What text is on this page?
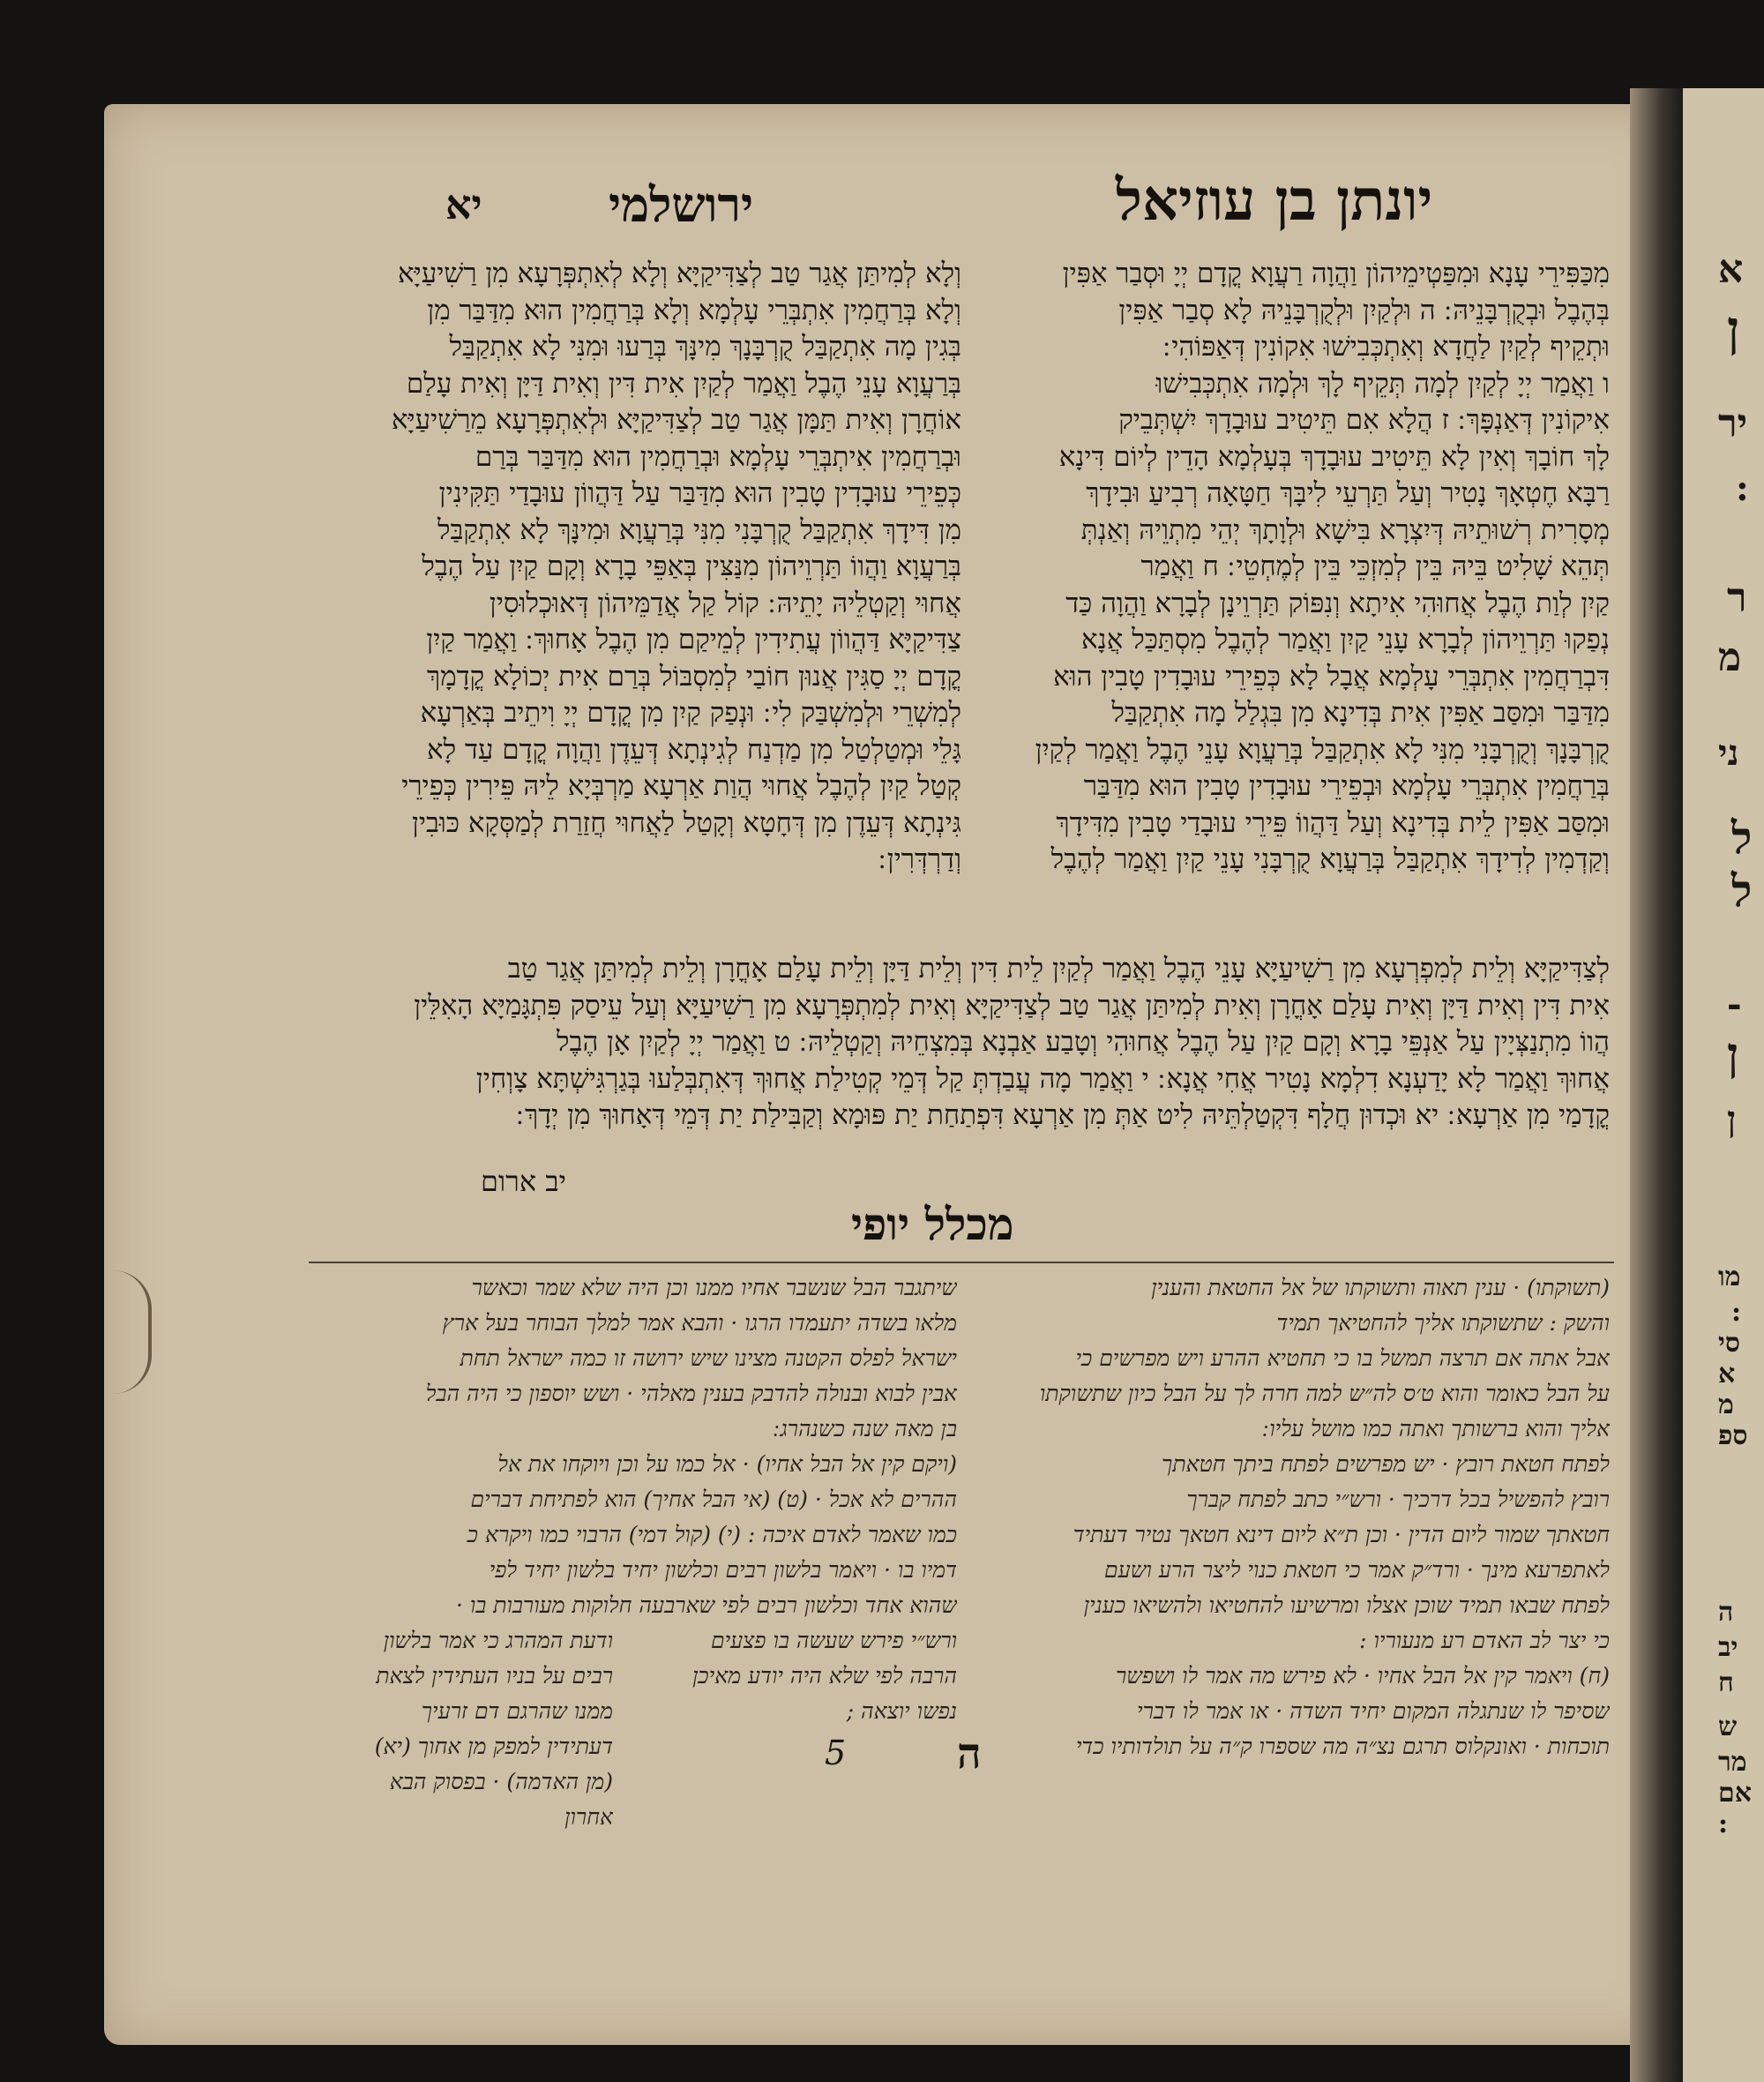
א
ן
יר
:
ר
מ
ני
ל
ל
ן
ן
-
מו
:
סי
א
מ
ספ
ה
יב
ח
ש
מר
אם
:
יא	ירושלמי	יונתן בן עוזיאל
מִכַּפִּירֵי עָנָא וּמִפַּטְימֵיהוֹן וַהֲוָה רַעֲוָא קֳדָם יְיָ וּסְבַר אַפִּין
בְּהֶבֶל וּבְקֻרְבָּנֵיהּ ׃ ה וּלְקַיִן וּלְקֻרְבָּנֵיהּ לָא סְבַר אַפִּין
וּתְקֵיף לְקַיִן לַחֲדָא וְאִתְכְּבִישׁוּ אִקוֹנִין דְּאַפּוֹהִי ׃
ו וַאֲמַר יְיָ לְקַיִן לְמָה תְּקֵיף לָךְ וּלְמָה אִתְכְּבִישׁוּ
אִיקוֹנִין דְּאַנְפָּךְ ׃ ז הֲלָא אִם תֵּיטִיב עוּבָדָךְ יִשְׁתְּבֵיק
לָךְ חוֹבָךְ וְאִין לָא תֵּיטִיב עוּבָדָךְ בְּעָלְמָא הָדֵין לְיוֹם דִּינָא
רַבָּא חֶטְאָךְ נָטִיר וְעַל תַּרְעֵי לִיבָּךְ חַטָּאָה רְבִיעַ וּבִידָךְ
מְסָרִית רְשׁוּתֵיהּ דְּיִצְרָא בִּישָׁא וּלְוָתָךְ יְהֵי מִתְוֵיהּ וְאַנְתְּ
תְּהֵא שָׁלִיט בֵּיהּ בֵּין לְמִזְכֵּי בֵּין לְמֶחְטֵי ׃ ח וַאֲמַר
קַיִן לְוַת הֶבֶל אֲחוּהִי אִיתָא וְנִפּוֹק תַּרְוֵינָן לְבָרָא וַהֲוָה כַּד
נְפַקוּ תַּרְוֵיהוֹן לְבָרָא עָנֵי קַיִן וַאֲמַר לְהֶבֶל מִסְתַּכַּל אֲנָא
דִּבְרַחֲמִין אִתְבְּרֵי עָלְמָא אֲבָל לָא כְּפֵירֵי עוּבָדִין טָבִין הוּא
מִדַּבַּר וּמִסַּב אַפִּין אִית בְּדִינָא מִן בִּגְלַל מָה אִתְקַבַּל
קֻרְבָּנָךְ וְקֻרְבָּנִי מִנִּי לָא אִתְקַבַּל בְּרַעֲוָא עָנֵי הֶבֶל וַאֲמַר לְקַיִן
בְּרַחֲמִין אִתְבְּרֵי עָלְמָא וּבְפֵירֵי עוּבָדִין טָבִין הוּא מִדַּבַּר
וּמִסַּב אַפִּין לֵית בְּדִינָא וְעַל דַּהֲווֹ פֵּירֵי עוּבָדַי טָבִין מִדִּידָךְ
וְקַדְמִין לְדִידָךְ אִתְקַבַּל בְּרַעֲוָא קֻרְבָּנִי עָנֵי קַיִן וַאֲמַר לְהֶבֶל
וְלָא לְמִיתַּן אֲגַר טַב לְצַדִּיקַיָּא וְלָא לְאִתְפְּרָעָא מִן רַשִׁיעַיָּא
וְלָא בְּרַחֲמִין אִתְבְּרֵי עָלְמָא וְלָא בְּרַחֲמִין הוּא מִדַּבַּר מִן
בְּגִין מָה אִתְקַבַּל קֻרְבָּנָךְ מִינָּךְ בְּרַעוּ וּמִנִּי לָא אִתְקַבַּל
בְּרַעֲוָא עָנֵי הֶבֶל וַאֲמַר לְקַיִן אִית דִּין וְאִית דַּיָּן וְאִית עָלַם
אוֹחֲרָן וְאִית תַּמָּן אֲגַר טַב לְצַדִּיקַיָּא וּלְאִתְפְּרָעָא מֵרַשִׁיעַיָּא
וּבְרַחֲמִין אִיתְבְּרֵי עָלְמָא וּבְרַחֲמִין הוּא מִדַּבַּר בְּרַם
כְּפֵירֵי עוּבָדִין טָבִין הוּא מִדַּבַּר עַל דַּהֲווֹן עוּבָדַי תַּקִּינִין
מִן דִּידָךְ אִתְקַבַּל קֻרְבָּנִי מִנִּי בְּרַעֲוָא וּמִינָּךְ לָא אִתְקַבַּל
בְּרַעֲוָא וַהֲווֹ תַּרְוֵיהוֹן מִנַּצִּין בְּאַפֵּי בָרָא וְקָם קַיִן עַל הֶבֶל
אֲחוּי וְקַטְלֵיהּ יָתֵיהּ ׃ קוֹל קַל אֲדַמֵּיהוֹן דְּאוּכְלוּסִין
צַדִּיקַיָּא דַּהֲווֹן עֲתִידִין לְמֵיקַם מִן הֶבֶל אָחוּךְ ׃ וַאֲמַר קַיִן
קֳדָם יְיָ סַגִּין אֲנוּן חוֹבַי לְמִסְבּוֹל בְּרַם אִית יְכוֹלָא קֳדָמָךְ
לְמִשְׁרֵי וּלְמִשְׁבַּק לִי ׃ וּנְפַק קַיִן מִן קֳדָם יְיָ וִיתֵיב בְּאַרְעָא
גָּלֵי וּמְטַלְטַל מִן מַדְנַח לְגִינְתָא דְּעֵדֶן וַהֲוָה קֳדָם עַד לָא
קְטַל קַיִן לְהֶבֶל אֲחוּי הֲוַת אַרְעָא מַרְבְּיָא לֵיהּ פֵּירִין כְּפֵירֵי
גִּינְתָא דְּעֵדֶן מִן דְּחָטָא וְקָטַל לַאֲחוּי חֲזַרַת לְמַסְּקָא כּוּבִין
וְדַרְדְּרִין ׃
לְצַדִּיקַיָּא וְלֵית לְמִפְרְעָא מִן רַשִׁיעַיָּא עָנֵי הֶבֶל וַאֲמַר לְקַיִן לֵית דִּין וְלֵית דַּיָּן וְלֵית עָלַם אָחֳרָן וְלֵית לְמִיתַּן אֲגַר טַב
אִית דִּין וְאִית דַּיָּן וְאִית עָלַם אָחֳרָן וְאִית לְמִיתַּן אֲגַר טַב לְצַדִּיקַיָּא וְאִית לְמִתְפְּרָעָא מִן רַשִׁיעַיָּא וְעַל עֵיסַק פִּתְגָּמַיָּא הָאִלֵּין
הֲווֹ מִתְנַצְּיָין עַל אַנְפֵּי בָרָא וְקָם קַיִן עַל הֶבֶל אֲחוּהִי וְטָבַע אַבְנָא בְּמִצְחֵיהּ וְקַטְלֵיהּ ׃ ט וַאֲמַר יְיָ לְקַיִן אָן הֶבֶל
אֲחוּךְ וַאֲמַר לָא יָדַעְנָא דִלְמָא נָטִיר אֲחִי אֲנָא ׃ י וַאֲמַר מָה עֲבַדְתְּ קַל דְּמֵי קְטִילַת אֲחוּךְ דְּאִתְבְּלַעוּ בְּגַרְגִּישְׁתָּא צָוְחִין
קֳדָמַי מִן אַרְעָא ׃ יא וּכְדוּן חֲלָף דִּקְטַלְתֵּיהּ לִיט אַתְּ מִן אַרְעָא דִּפְתַחַת יַת פּוּמָא וְקַבִּילַת יַת דְּמֵי דְּאָחוּךְ מִן יְדָךְ ׃
יב ארום
מכלל יופי
(תשוקתו) · ענין תאוה ותשוקתו של אל החטאת והענין
והשק : שתשוקתו אליך להחטיאך תמיד
אבל אתה אם תרצה תמשל בו כי תחטיא ההרע ויש מפרשים כי
על הבל כאומר והוא ט׳ס לה״ש למה חרה לך על הבל כיון שתשוקתו
אליך והוא ברשותך ואתה כמו מושל עליו ׃
לפתח חטאת רובץ · יש מפרשים לפתח ביתך חטאתך
רובץ להפשיל בכל דרכיך · ורש״י כתב לפתח קברך
חטאתך שמור ליום הדין · וכן ת״א ליום דינא חטאך נטיר דעתיד
לאתפרעא מינך · ורד״ק אמר כי חטאת כנוי ליצר הרע ושעם
לפתח שבאו תמיד שוכן אצלו ומרשיעו להחטיאו ולהשיאו כענין
כי יצר לב האדם רע מנעוריו :
(ח) ויאמר קין אל הבל אחיו · לא פירש מה אמר לו ושפשר
שסיפר לו שנתגלה המקום יחיד השדה · או אמר לו דברי
תוכחות · ואונקלוס תרגם נצ״ה מה שספרו ק״ה על תולדותיו כדי
שיתגבר הבל שנשבר אחיו ממנו וכן היה שלא שמר וכאשר
מלאו בשדה יתעמדו הרגו · והבא אמר למלך הבוחר בעל ארץ
ישראל לפלס הקטנה מצינו שיש ירושה זו כמה ישראל תחת
אבין לבוא ובנולה להדבק בענין מאלהי · ושש יוספון כי היה הבל
בן מאה שנה כשנהרג ׃
(ויקם קין אל הבל אחיו) · אל כמו על וכן ויוקחו את אל
ההרים לא אכל · (ט) (אי הבל אחיך) הוא לפתיחת דברים
כמו שאמר לאדם איכה : (י) (קול דמי) הרבוי כמו ויקרא כ
דמיו בו · ויאמר בלשון רבים וכלשון יחיד בלשון יחיד לפי
שהוא אחד וכלשון רבים לפי שארבעה חלוקות מעורבות בו ·
ודעת המהרג כי אמר בלשון
רבים על בניו העתידין לצאת
ממנו שהרגם דם זרעיך
דעתידין למפק מן אחוך (יא)
(מן האדמה) · בפסוק הבא
אחרון
ורש״י פירש שעשה בו פצעים
הרבה לפי שלא היה יודע מאיכן
נפשו יוצאה ;
ה
5
